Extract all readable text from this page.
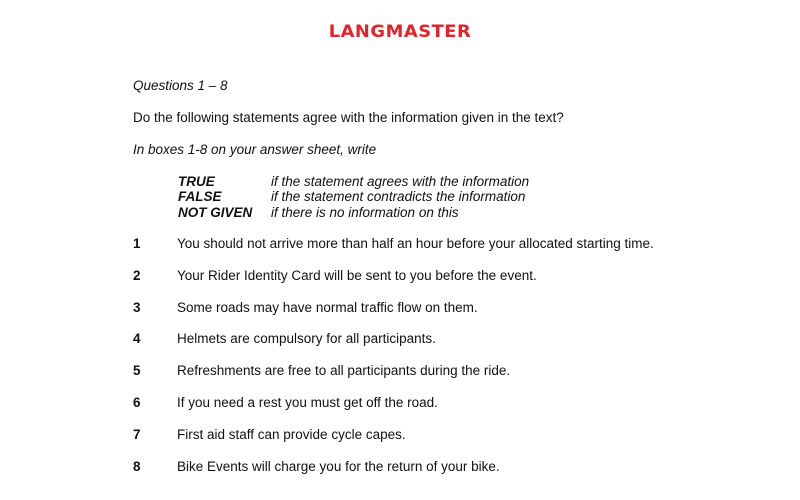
LANGMASTER
Questions 1 – 8
Do the following statements agree with the information given in the text?
In boxes 1-8 on your answer sheet, write
TRUE	if the statement agrees with the information
FALSE	if the statement contradicts the information
NOT GIVEN if there is no information on this
1	You should not arrive more than half an hour before your allocated starting time.
2	Your Rider Identity Card will be sent to you before the event.
3	Some roads may have normal traffic flow on them.
4	Helmets are compulsory for all participants.
5	Refreshments are free to all participants during the ride.
6	If you need a rest you must get off the road.
7	First aid staff can provide cycle capes.
8	Bike Events will charge you for the return of your bike.
